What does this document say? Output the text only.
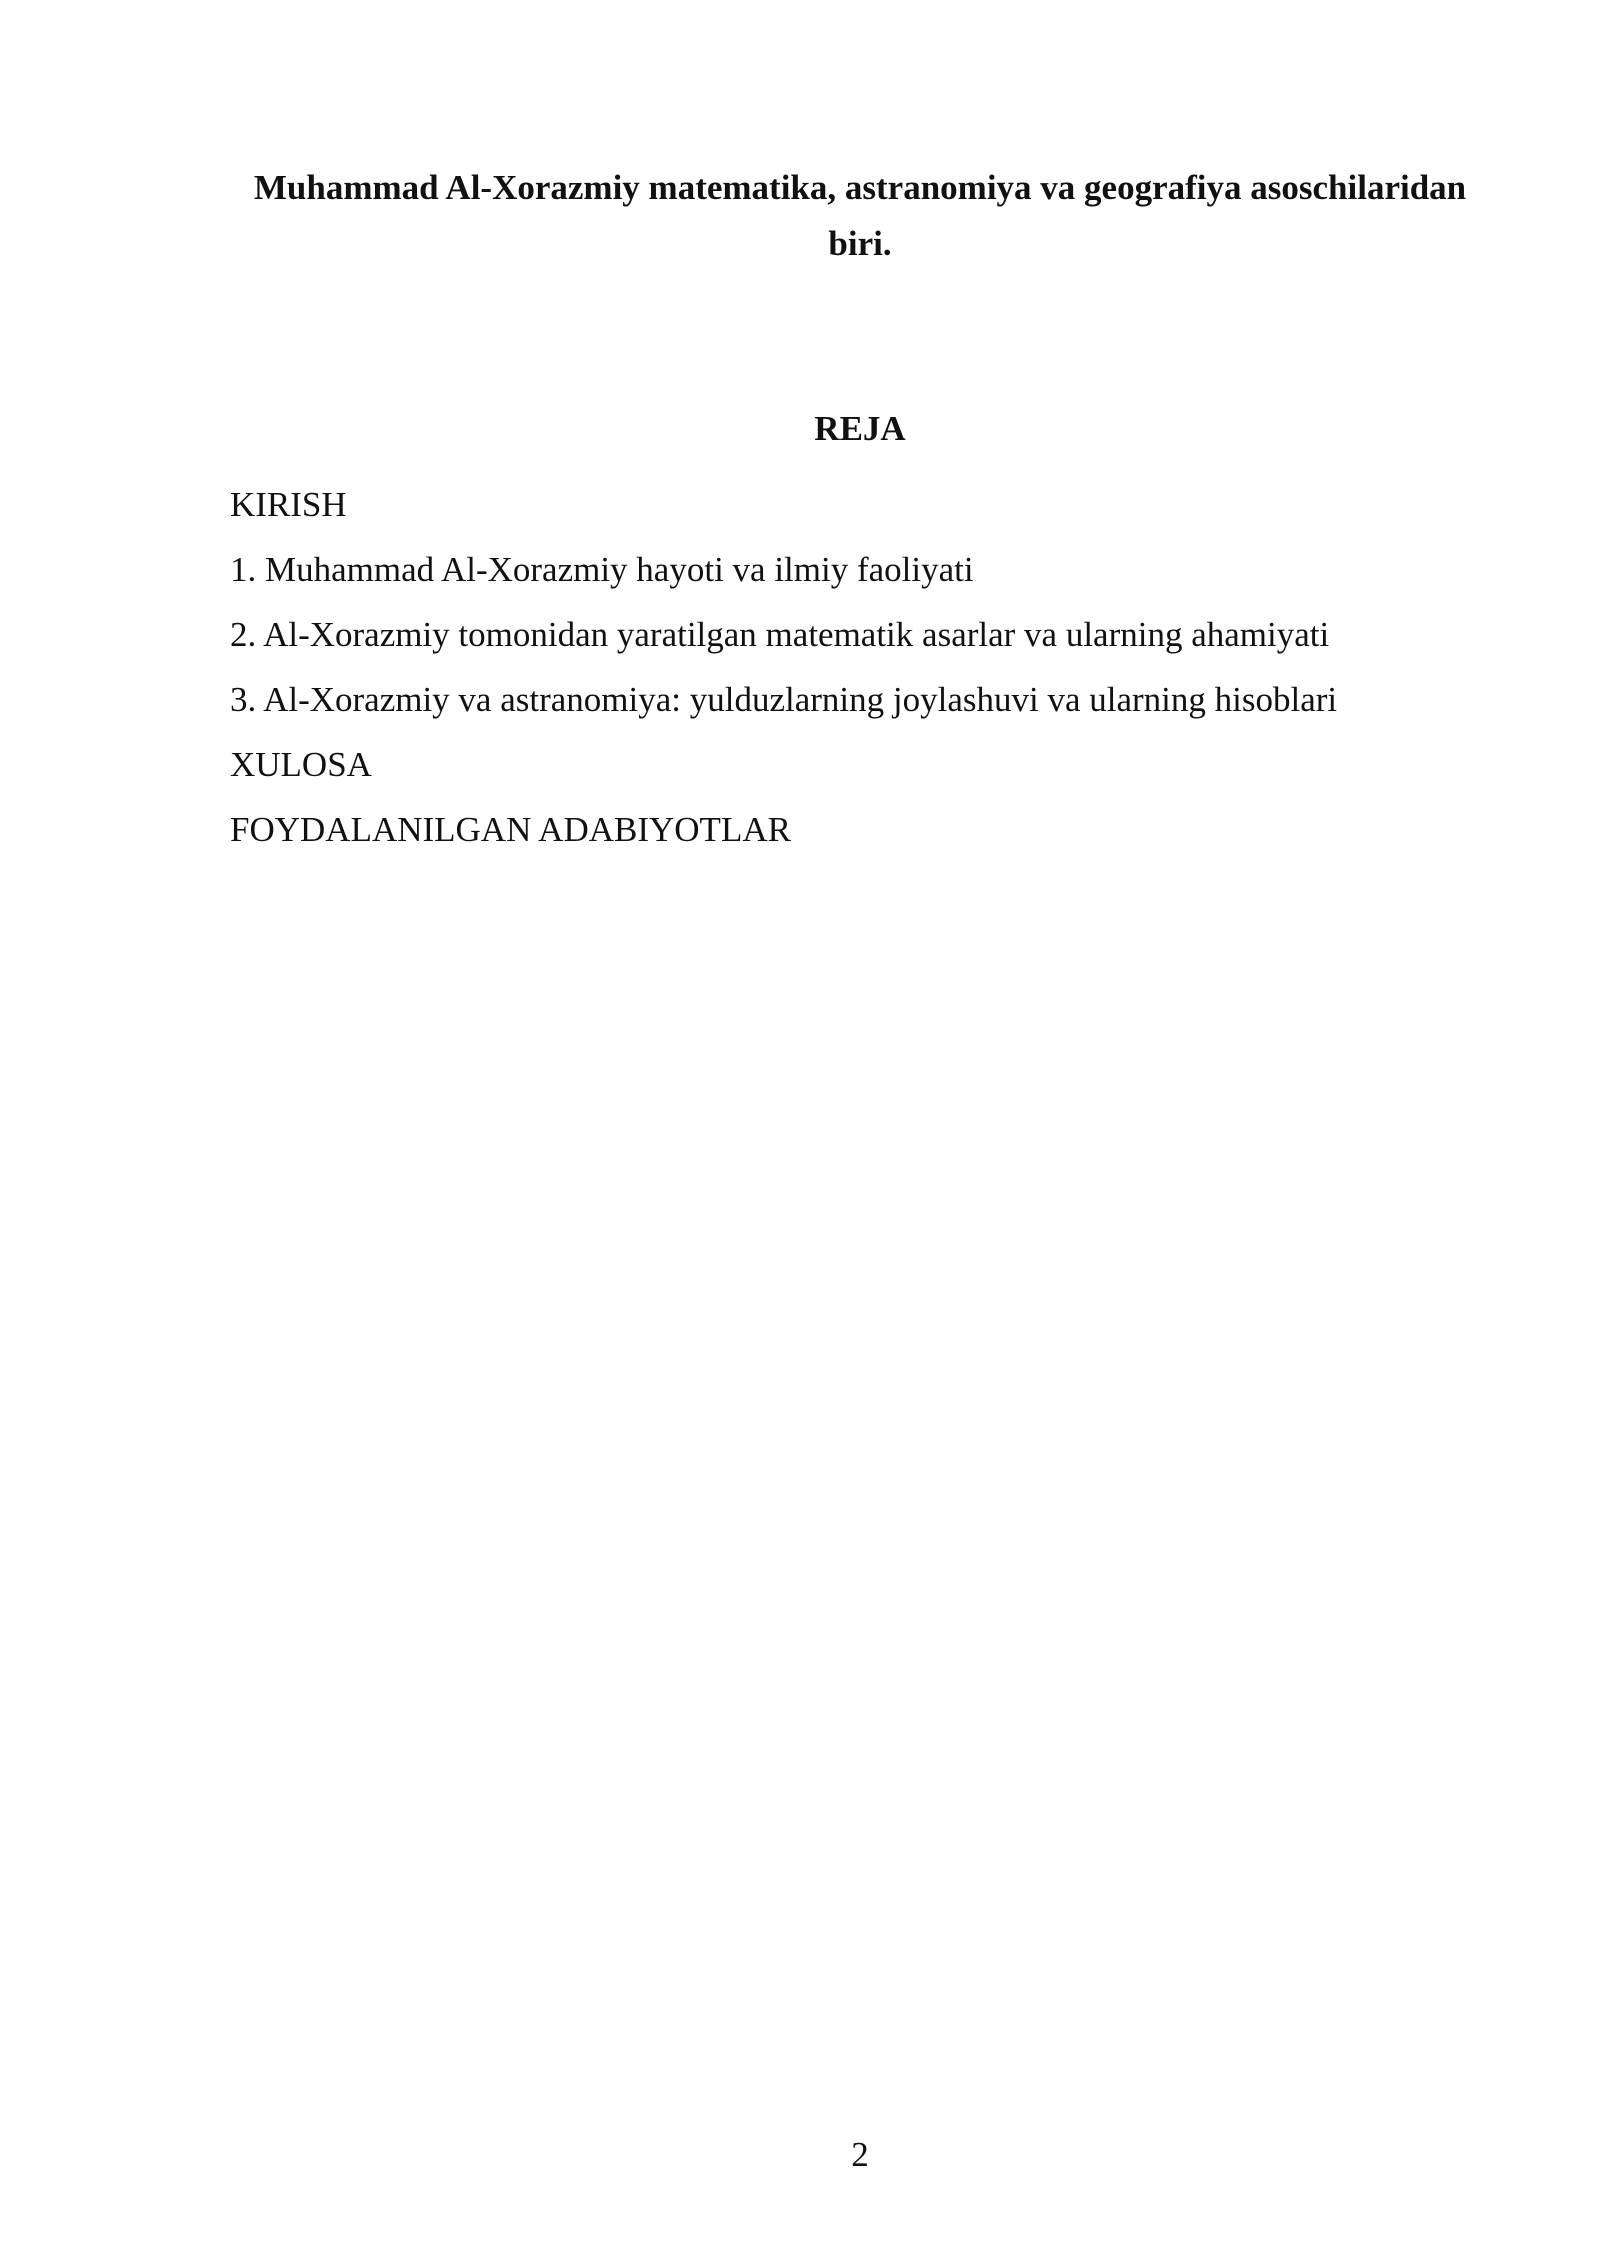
Muhammad Al-Xorazmiy matematika, astranomiya va geografiya asoschilaridan biri.
REJA
KIRISH
1. Muhammad Al-Xorazmiy hayoti va ilmiy faoliyati
2. Al-Xorazmiy tomonidan yaratilgan matematik asarlar va ularning ahamiyati
3. Al-Xorazmiy va astranomiya: yulduzlarning joylashuvi va ularning hisoblari
XULOSA
FOYDALANILGAN ADABIYOTLAR
2
